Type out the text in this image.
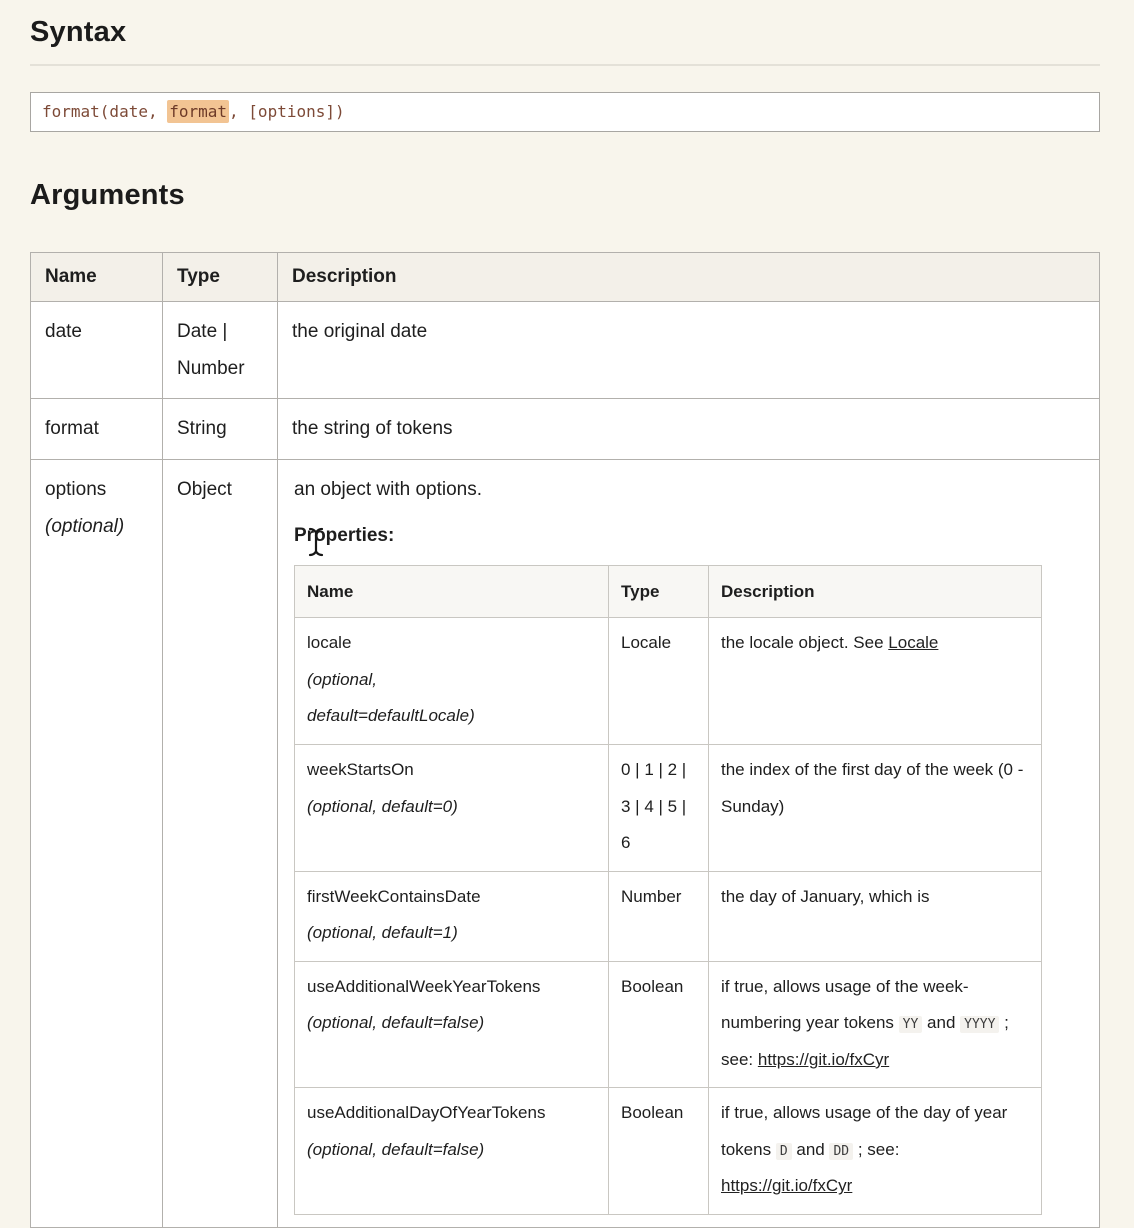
Syntax
format(date, format , [options])
Arguments
Name	Type	Description
date	Date | Number	the original date
format	String	the string of tokens
options
(optional)
	Object	an object with options.

Properties:

Name	Type	Description
locale
(optional, default=defaultLocale)
	Locale	the locale object. See Locale
weekStartsOn
(optional, default=0)
	0 | 1 | 2 | 3 | 4 | 5 | 6	the index of the first day of the week (0 - Sunday)
firstWeekContainsDate
(optional, default=1)
	Number	the day of January, which is
useAdditionalWeekYearTokens
(optional, default=false)
	Boolean	if true, allows usage of the week-numbering year tokens YY and YYYY ; see: https://git.io/fxCyr
useAdditionalDayOfYearTokens
(optional, default=false)
	Boolean	if true, allows usage of the day of year tokens D and DD ; see: https://git.io/fxCyr
